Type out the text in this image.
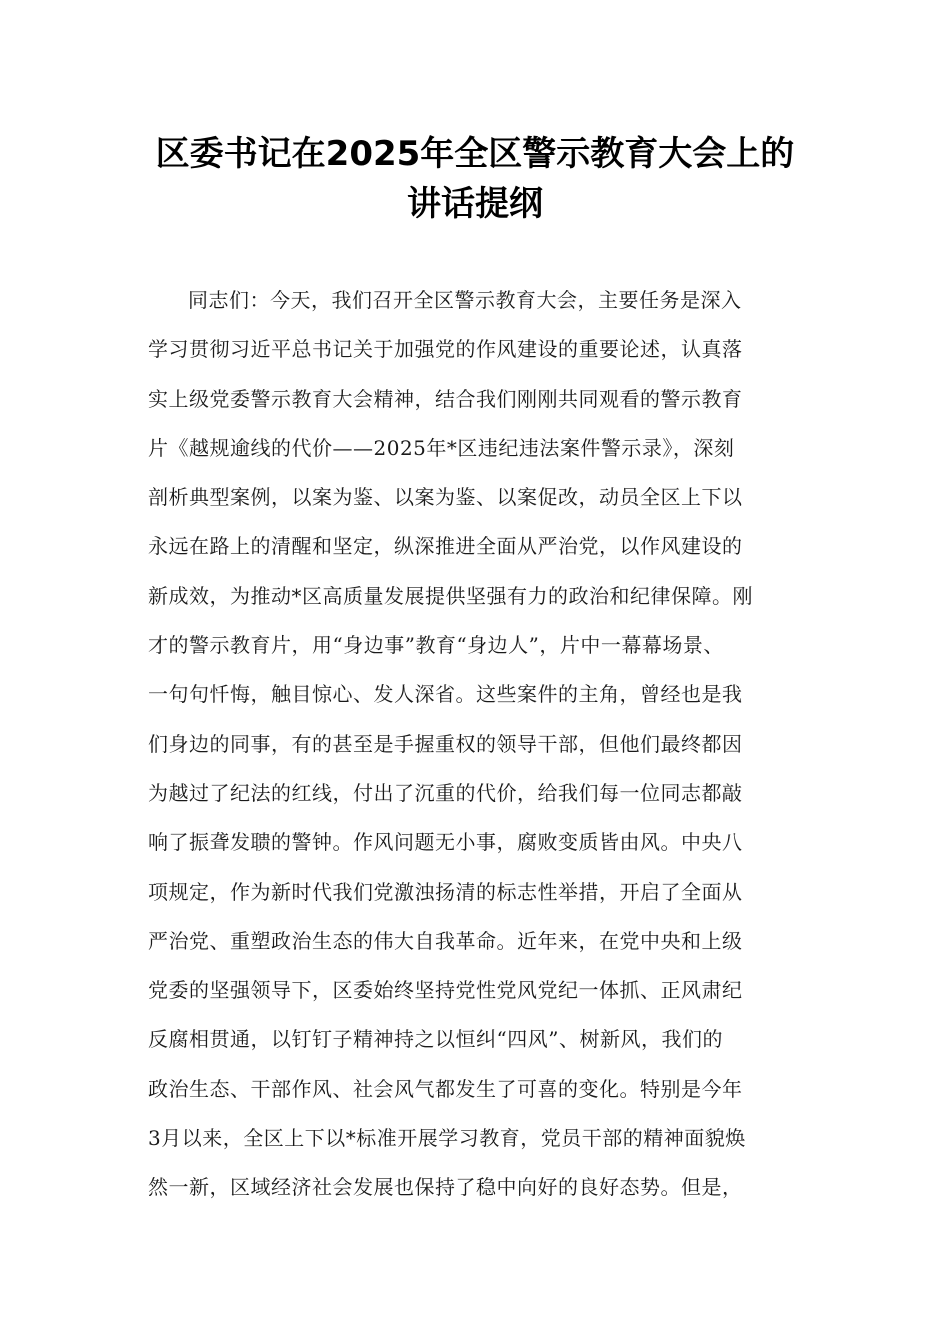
区委书记在2025年全区警示教育大会上的
讲话提纲
同志们：今天，我们召开全区警示教育大会，主要任务是深入
学习贯彻习近平总书记关于加强党的作风建设的重要论述，认真落
实上级党委警示教育大会精神，结合我们刚刚共同观看的警示教育
片《越规逾线的代价——2025年*区违纪违法案件警示录》，深刻
剖析典型案例，以案为鉴、以案为鉴、以案促改，动员全区上下以
永远在路上的清醒和坚定，纵深推进全面从严治党，以作风建设的
新成效，为推动*区高质量发展提供坚强有力的政治和纪律保障。刚
才的警示教育片，用“身边事”教育“身边人”，片中一幕幕场景、
一句句忏悔，触目惊心、发人深省。这些案件的主角，曾经也是我
们身边的同事，有的甚至是手握重权的领导干部，但他们最终都因
为越过了纪法的红线，付出了沉重的代价，给我们每一位同志都敲
响了振聋发聩的警钟。作风问题无小事，腐败变质皆由风。中央八
项规定，作为新时代我们党激浊扬清的标志性举措，开启了全面从
严治党、重塑政治生态的伟大自我革命。近年来，在党中央和上级
党委的坚强领导下，区委始终坚持党性党风党纪一体抓、正风肃纪
反腐相贯通，以钉钉子精神持之以恒纠“四风”、树新风，我们的
政治生态、干部作风、社会风气都发生了可喜的变化。特别是今年
3月以来，全区上下以*标准开展学习教育，党员干部的精神面貌焕
然一新，区域经济社会发展也保持了稳中向好的良好态势。但是，
